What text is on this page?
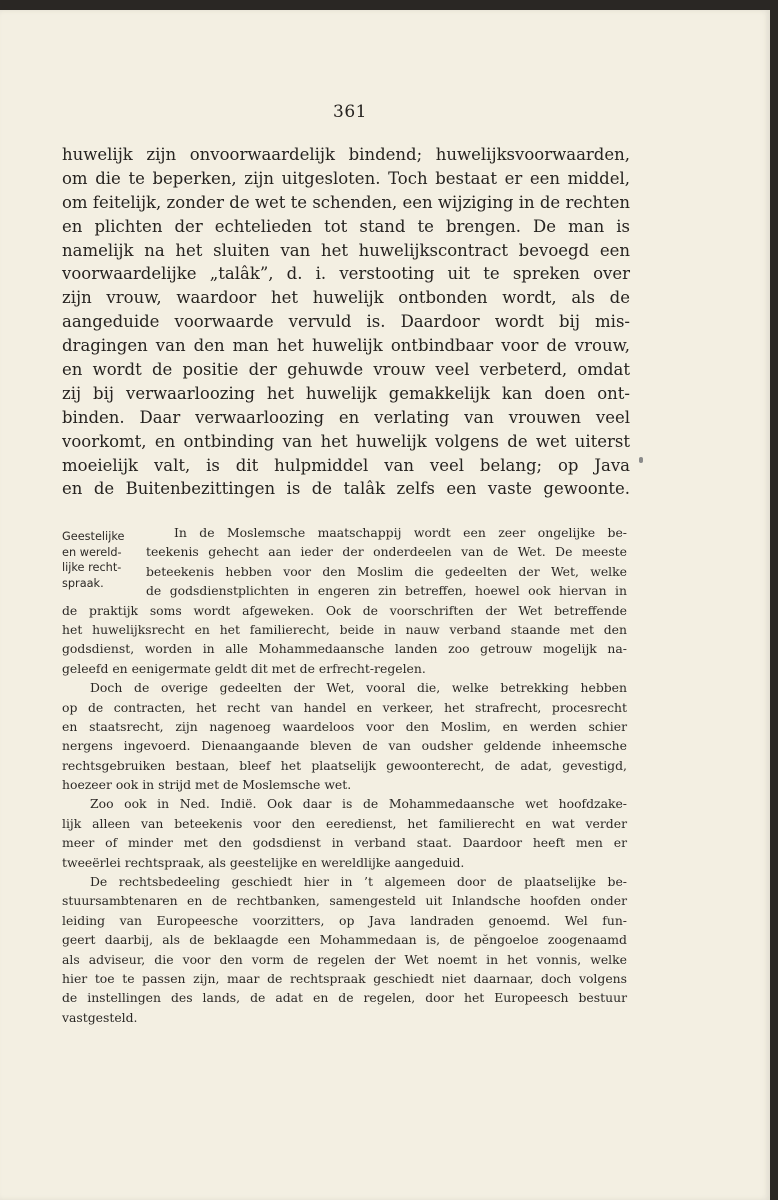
361
huwelijk zijn onvoorwaardelijk bindend; huwelijksvoorwaarden,
om die te beperken, zijn uitgesloten. Toch bestaat er een middel,
om feitelijk, zonder de wet te schenden, een wijziging in de rechten
en plichten der echtelieden tot stand te brengen. De man is
namelijk na het sluiten van het huwelijkscontract bevoegd een
voorwaardelijke „talâk”, d. i. verstooting uit te spreken over
zijn vrouw, waardoor het huwelijk ontbonden wordt, als de
aangeduide voorwaarde vervuld is. Daardoor wordt bij mis-
dragingen van den man het huwelijk ontbindbaar voor de vrouw,
en wordt de positie der gehuwde vrouw veel verbeterd, omdat
zij bij verwaarloozing het huwelijk gemakkelijk kan doen ont-
binden. Daar verwaarloozing en verlating van vrouwen veel
voorkomt, en ontbinding van het huwelijk volgens de wet uiterst
moeielijk valt, is dit hulpmiddel van veel belang; op Java
en de Buitenbezittingen is de talâk zelfs een vaste gewoonte.
Geestelijke
en wereld-
lijke recht-
spraak.
In de Moslemsche maatschappij wordt een zeer ongelijke be-
teekenis gehecht aan ieder der onderdeelen van de Wet. De meeste
beteekenis hebben voor den Moslim die gedeelten der Wet, welke
de godsdienstplichten in engeren zin betreffen, hoewel ook hiervan in
de praktijk soms wordt afgeweken. Ook de voorschriften der Wet betreffende
het huwelijksrecht en het familierecht, beide in nauw verband staande met den
godsdienst, worden in alle Mohammedaansche landen zoo getrouw mogelijk na-
geleefd en eenigermate geldt dit met de erfrecht-regelen.
Doch de overige gedeelten der Wet, vooral die, welke betrekking hebben
op de contracten, het recht van handel en verkeer, het strafrecht, procesrecht
en staatsrecht, zijn nagenoeg waardeloos voor den Moslim, en werden schier
nergens ingevoerd. Dienaangaande bleven de van oudsher geldende inheemsche
rechtsgebruiken bestaan, bleef het plaatselijk gewoonterecht, de adat, gevestigd,
hoezeer ook in strijd met de Moslemsche wet.
Zoo ook in Ned. Indië. Ook daar is de Mohammedaansche wet hoofdzake-
lijk alleen van beteekenis voor den eeredienst, het familierecht en wat verder
meer of minder met den godsdienst in verband staat. Daardoor heeft men er
tweeërlei rechtspraak, als geestelijke en wereldlijke aangeduid.
De rechtsbedeeling geschiedt hier in ’t algemeen door de plaatselijke be-
stuursambtenaren en de rechtbanken, samengesteld uit Inlandsche hoofden onder
leiding van Europeesche voorzitters, op Java landraden genoemd. Wel fun-
geert daarbij, als de beklaagde een Mohammedaan is, de pĕngoeloe zoogenaamd
als adviseur, die voor den vorm de regelen der Wet noemt in het vonnis, welke
hier toe te passen zijn, maar de rechtspraak geschiedt niet daarnaar, doch volgens
de instellingen des lands, de adat en de regelen, door het Europeesch bestuur
vastgesteld.
